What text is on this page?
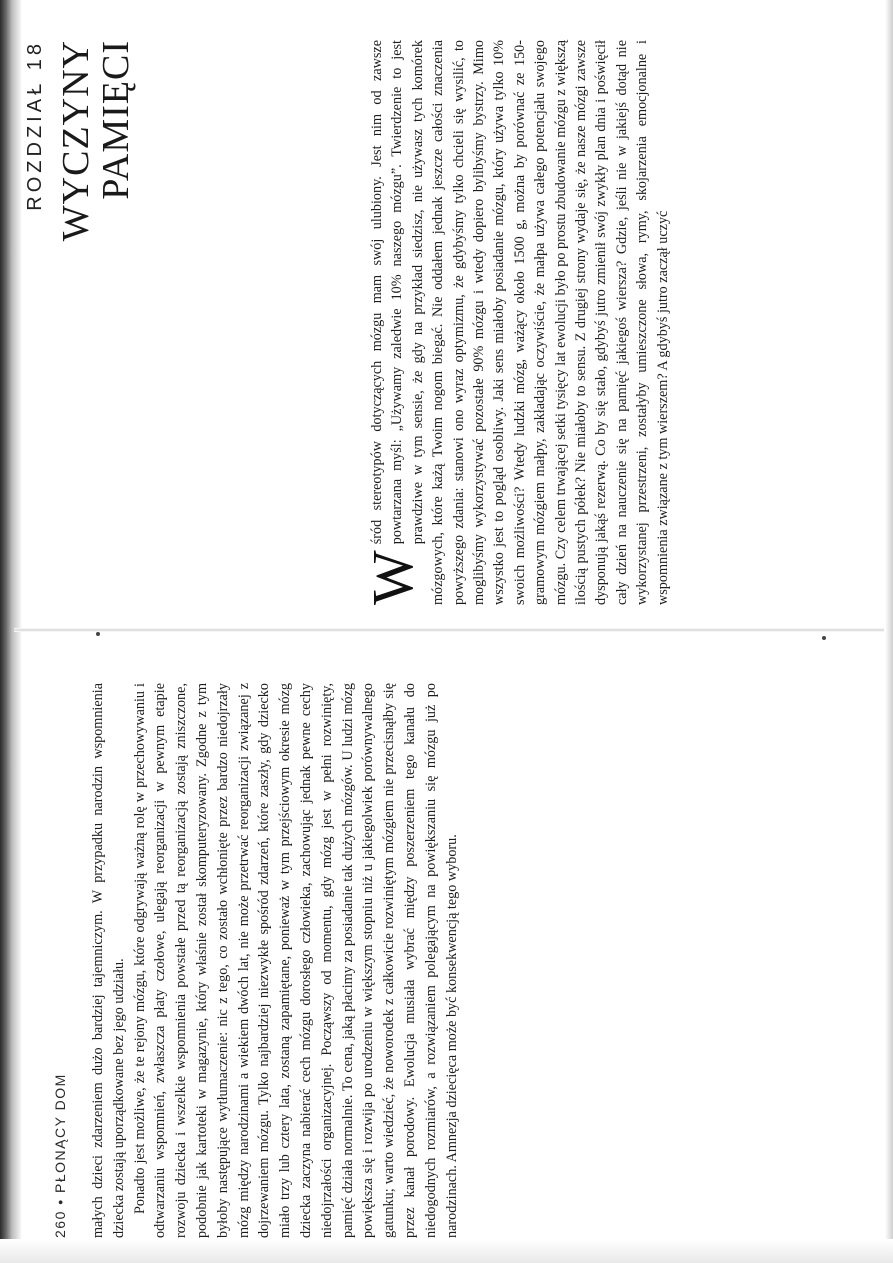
260 • PŁONĄCY DOM małych dzieci zdarzeniem dużo bardziej tajemniczym. W przypadku narodzin wspomnienia dziecka zostają uporządkowane bez jego udziału. Ponadto jest możliwe, że te rejony mózgu, które odgrywają ważną rolę w przechowywaniu i odtwarzaniu wspomnień, zwłaszcza płaty czołowe, ulegają reorganizacji w pewnym etapie rozwoju dziecka i wszelkie wspomnienia powstałe przed tą reorganizacją zostają zniszczone, podobnie jak kartoteki w magazynie, który właśnie został skomputeryzowany. Zgodne z tym byłoby następujące wytłumaczenie: nic z tego, co zostało wchłonięte przez bardzo niedojrzały mózg między narodzinami a wiekiem dwóch lat, nie może przetrwać reorganizacji związanej z dojrzewaniem mózgu. Tylko najbardziej niezwykłe spośród zdarzeń, które zaszły, gdy dziecko miało trzy lub cztery lata, zostaną zapamiętane, ponieważ w tym przejściowym okresie mózg dziecka zaczyna nabierać cech mózgu dorosłego człowieka, zachowując jednak pewne cechy niedojrzałości organizacyjnej. Począwszy od momentu, gdy mózg jest w pełni rozwinięty, pamięć działa normalnie. To cena, jaką płacimy za posiadanie tak dużych mózgów. U ludzi mózg powiększa się i rozwija po urodzeniu w większym stopniu niż u jakiegolwiek porównywalnego gatunku; warto wiedzieć, że noworodek z całkowicie rozwiniętym mózgiem nie przecisnąłby się przez kanał porodowy. Ewolucja musiała wybrać między poszerzeniem tego kanału do niedogodnych rozmiarów, a rozwiązaniem polegającym na powiększaniu się mózgu już po narodzinach. Amnezja dziecięca może być konsekwencją tego wyboru.

ROZDZIAŁ 18 WYCZYNY
PAMIĘCI
W

śród stereotypów dotyczących mózgu mam swój ulubiony. Jest nim od zawsze powtarzana myśl: „Używamy zaledwie 10% naszego mózgu”. Twierdzenie to jest prawdziwe w tym sensie, że gdy na przykład siedzisz, nie używasz tych komórek mózgowych, które każą Twoim nogom biegać. Nie oddałem jednak jeszcze całości znaczenia powyższego zdania: stanowi ono wyraz optymizmu, że gdybyśmy tylko chcieli się wysilić, to moglibyśmy wykorzystywać pozostałe 90% mózgu i wtedy dopiero bylibyśmy bystrzy. Mimo wszystko jest to pogląd osobliwy. Jaki sens miałoby posiadanie mózgu, który używa tylko 10% swoich możliwości? Wtedy ludzki mózg, ważący około 1500 g, można by porównać ze 150-gramowym mózgiem małpy, zakładając oczywiście, że małpa używa całego potencjału swojego mózgu. Czy celem trwającej setki tysięcy lat ewolucji było po prostu zbudowanie mózgu z większą ilością pustych półek? Nie miałoby to sensu. Z drugiej strony wydaje się, że nasze mózgi zawsze dysponują jakąś rezerwą. Co by się stało, gdybyś jutro zmienił swój zwykły plan dnia i poświęcił cały dzień na nauczenie się na pamięć jakiegoś wiersza? Gdzie, jeśli nie w jakiejś dotąd nie wykorzystanej przestrzeni, zostałyby umieszczone słowa, rymy, skojarzenia emocjonalne i wspomnienia związane z tym wierszem? A gdybyś jutro zaczął uczyć
